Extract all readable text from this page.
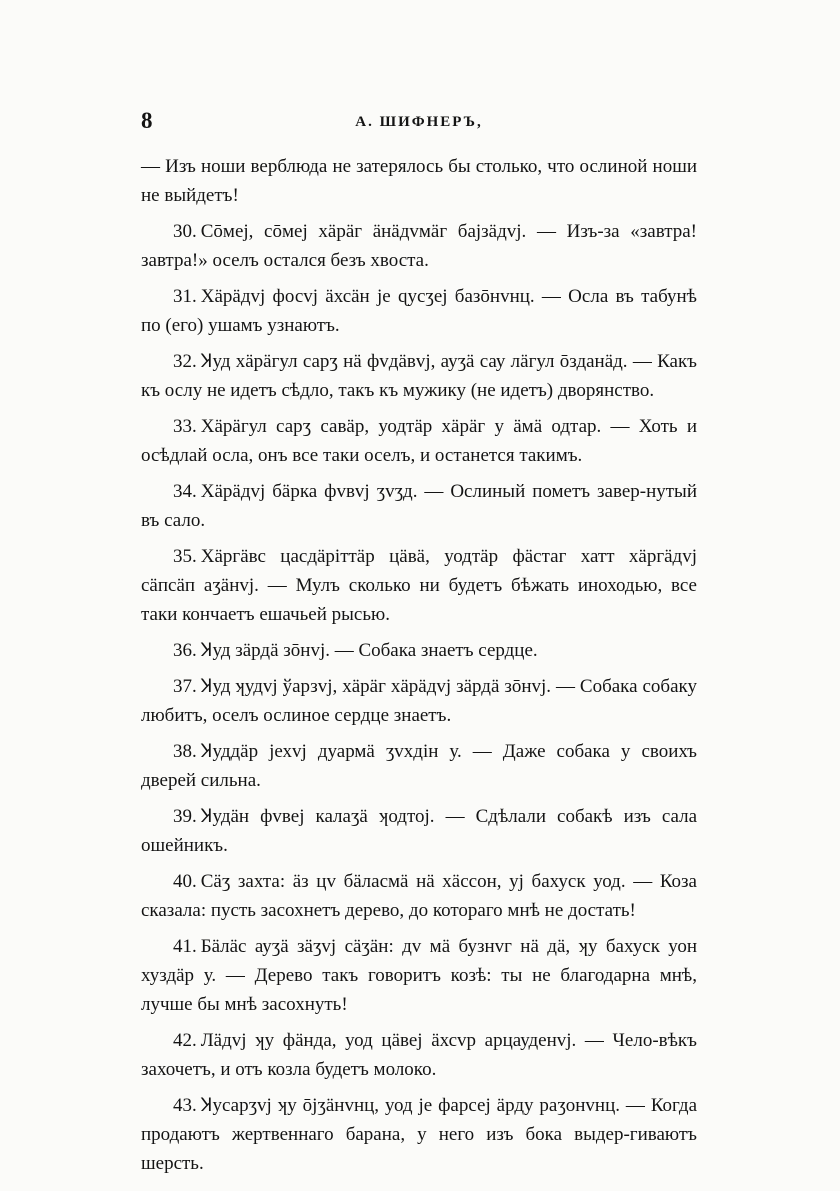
8	А. ШИФНЕРЪ,

— Изъ ноши верблюда не затерялось бы столько, что ослиной ноши не выйдетъ!

30. Сōмеј, сōмеј хäрäг äнäдvмäг бајзäдvј. — Изъ-за «завтра! завтра!» оселъ остался безъ хвоста.

31. Хäрäдvј фосvј äхсäн је ɋусʒеј базōнvнц. — Осла въ табунѣ по (его) ушамъ узнаютъ.

32. Ʞуд хäрäгул сарʒ нä фvдäвvј, ауʒä сау лäгул ōзданäд. — Какъ къ ослу не идетъ сѣдло, такъ къ мужику (не идетъ) дворянство.

33. Хäрäгул сарʒ савäр, уодтäр хäрäг у äмä одтар. — Хоть и осѣдлай осла, онъ все таки оселъ, и останется такимъ.

34. Хäрäдvј бäрка фvвvј ʒvʒд. — Ослиный пометъ завер-нутый въ сало.

35. Хäргäвс цасдäрiттäр цäвä, уодтäр фäстаг хатт хäргäдvј сäпсäп аʒäнvј. — Мулъ сколько ни будетъ бѣжать иноходью, все таки кончаетъ ешачьей рысью.

36. Ʞуд зäрдä зōнvј. — Собака знаетъ сердце.

37. Ʞуд ʞудvј ўарзvј, хäрäг хäрäдvј зäрдä зōнvј. — Собака собаку любитъ, оселъ ослиное сердце знаетъ.

38. Ʞуддäр јехvј дуармä ʒvхдiн у. — Даже собака у своихъ дверей сильна.

39. Ʞудäн фvвеј калаʒä ʞодтој. — Сдѣлали собакѣ изъ сала ошейникъ.

40. Сäʒ захта: äз цv бäласмä нä хäссон, уј бахуск уод. — Коза сказала: пусть засохнетъ дерево, до котораго мнѣ не достать!

41. Бäлäс ауʒä зäʒvј сäʒäн: дv мä бузнvг нä дä, ʞу бахуск уон хуздäр у. — Дерево такъ говоритъ козѣ: ты не благодарна мнѣ, лучше бы мнѣ засохнуть!

42. Лäдvј ʞу фäнда, уод цäвеј äхсvр арцауденvј. — Чело-вѣкъ захочетъ, и отъ козла будетъ молоко.

43. Ʞусарʒvј ʞу ōјʒäнvнц, уод је фарсеј äрду раʒонvнц. — Когда продаютъ жертвеннаго барана, у него изъ бока выдер-гиваютъ шерсть.
